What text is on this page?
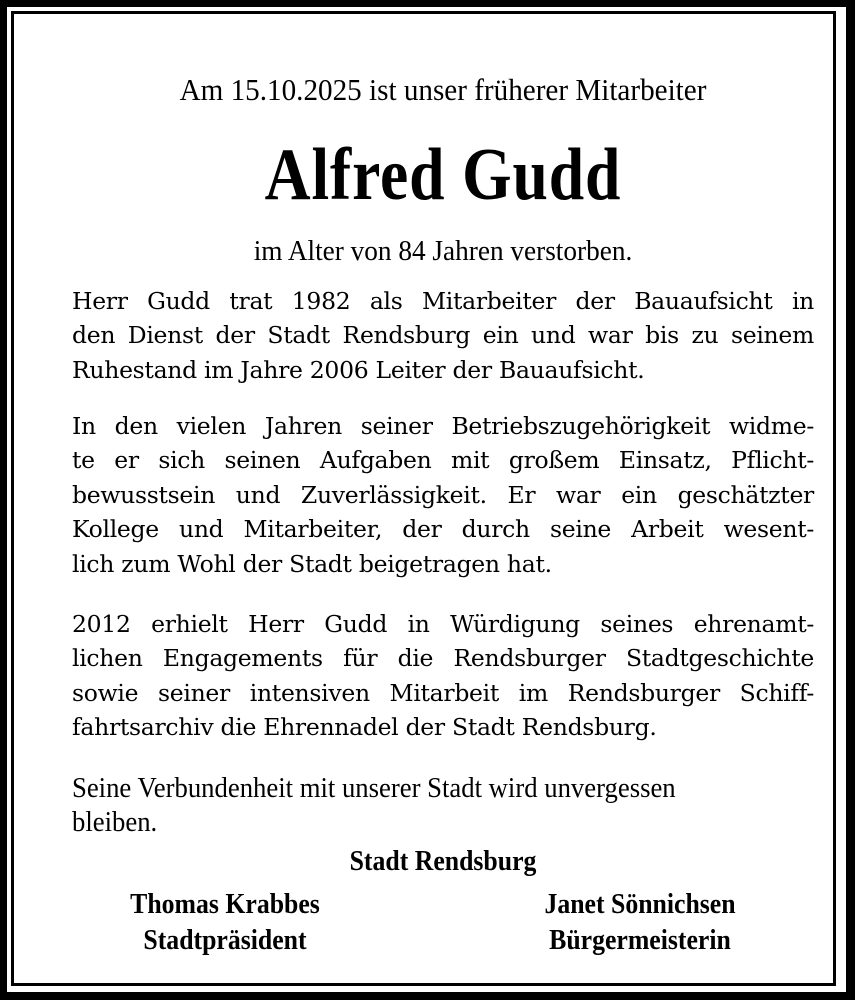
Am 15.10.2025 ist unser früherer Mitarbeiter
Alfred Gudd
im Alter von 84 Jahren verstorben.
Herr Gudd trat 1982 als Mitarbeiter der Bauaufsicht in
den Dienst der Stadt Rendsburg ein und war bis zu seinem
Ruhestand im Jahre 2006 Leiter der Bauaufsicht.
In den vielen Jahren seiner Betriebszugehörigkeit widme-
te er sich seinen Aufgaben mit großem Einsatz, Pflicht-
bewusstsein und Zuverlässigkeit. Er war ein geschätzter
Kollege und Mitarbeiter, der durch seine Arbeit wesent-
lich zum Wohl der Stadt beigetragen hat.
2012 erhielt Herr Gudd in Würdigung seines ehrenamt-
lichen Engagements für die Rendsburger Stadtgeschichte
sowie seiner intensiven Mitarbeit im Rendsburger Schiff-
fahrtsarchiv die Ehrennadel der Stadt Rendsburg.
Seine Verbundenheit mit unserer Stadt wird unvergessen
bleiben.
Stadt Rendsburg
Thomas Krabbes
Stadtpräsident
Janet Sönnichsen
Bürgermeisterin
